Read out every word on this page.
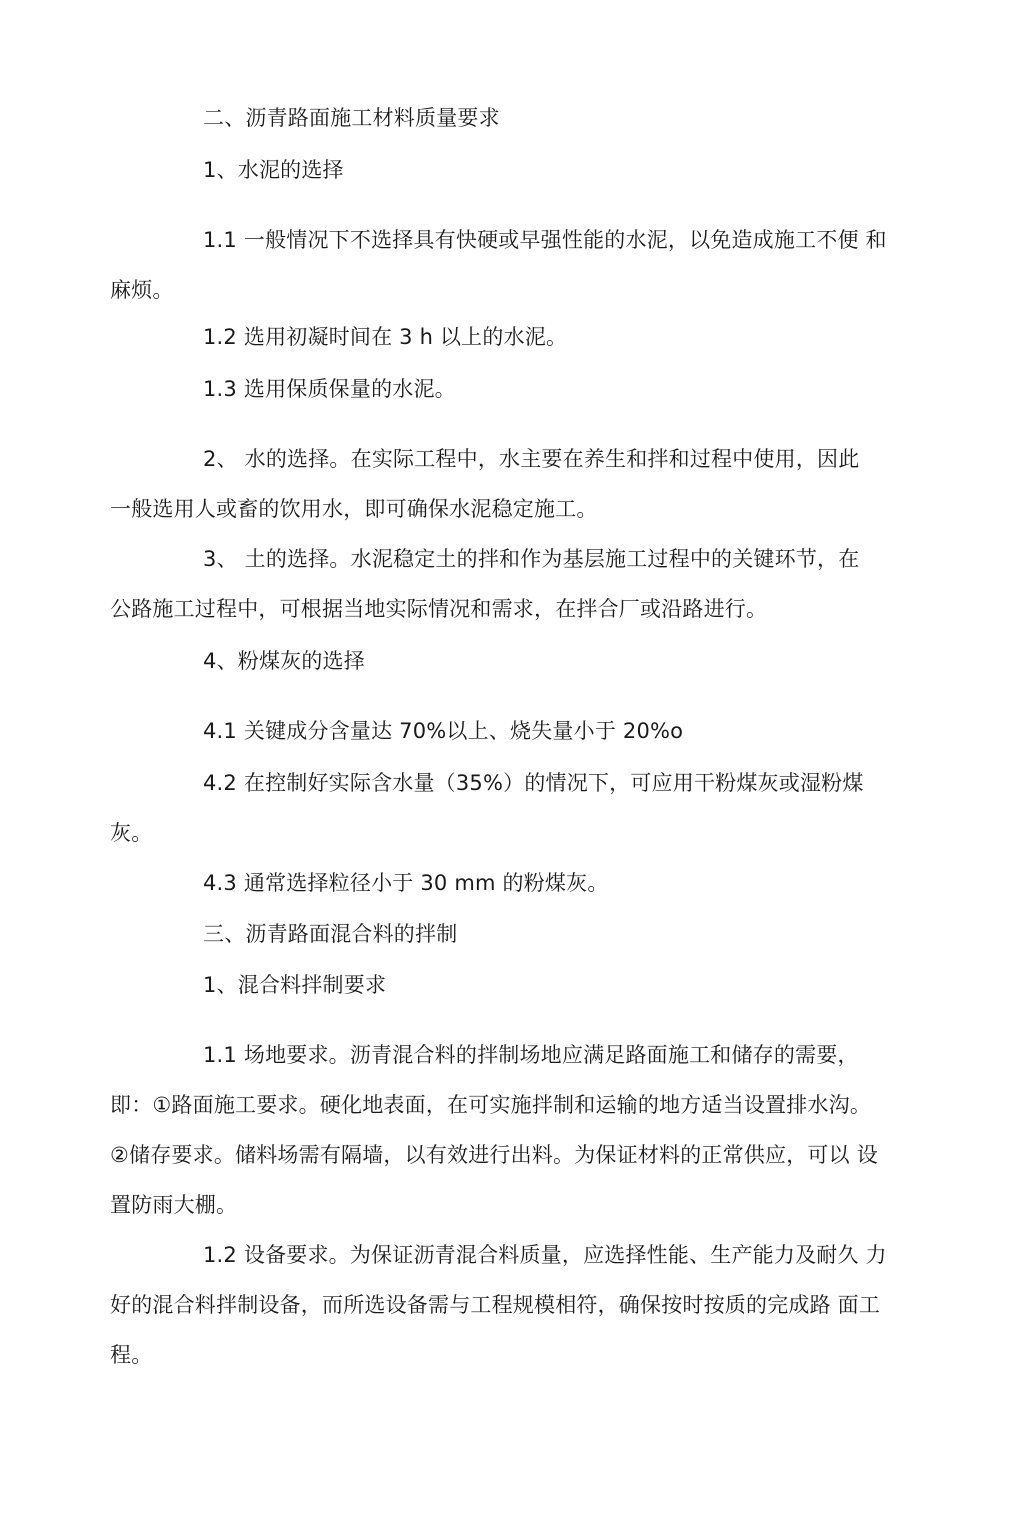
二、沥青路面施工材料质量要求

1、水泥的选择

1.1 一般情况下不选择具有快硬或早强性能的水泥，以免造成施工不便 和

麻烦。

1.2 选用初凝时间在 3 h 以上的水泥。

1.3 选用保质保量的水泥。

2、 水的选择。在实际工程中，水主要在养生和拌和过程中使用，因此

一般选用人或畜的饮用水，即可确保水泥稳定施工。

3、 土的选择。水泥稳定土的拌和作为基层施工过程中的关键环节，在

公路施工过程中，可根据当地实际情况和需求，在拌合厂或沿路进行。

4、粉煤灰的选择

4.1 关键成分含量达 70%以上、烧失量小于 20%o

4.2 在控制好实际含水量（35%）的情况下，可应用干粉煤灰或湿粉煤

灰。

4.3 通常选择粒径小于 30 mm 的粉煤灰。

三、沥青路面混合料的拌制

1、混合料拌制要求

1.1 场地要求。沥青混合料的拌制场地应满足路面施工和储存的需要，

即：①路面施工要求。硬化地表面，在可实施拌制和运输的地方适当设置排水沟。

②储存要求。储料场需有隔墙，以有效进行出料。为保证材料的正常供应，可以 设

置防雨大棚。

1.2 设备要求。为保证沥青混合料质量，应选择性能、生产能力及耐久 力

好的混合料拌制设备，而所选设备需与工程规模相符，确保按时按质的完成路 面工

程。
